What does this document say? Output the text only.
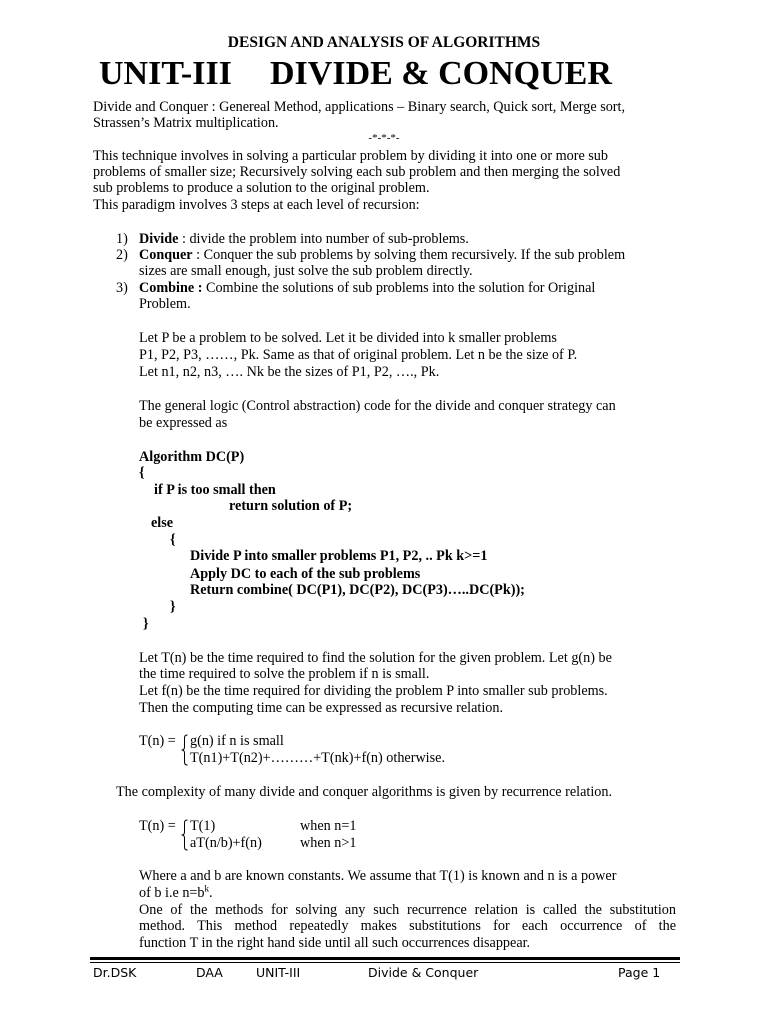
DESIGN AND ANALYSIS OF ALGORITHMS
UNIT-III DIVIDE & CONQUER
Divide and Conquer : Genereal Method, applications – Binary search, Quick sort, Merge sort,
Strassen’s Matrix multiplication.
-*-*-*-
This technique involves in solving a particular problem by dividing it into one or more sub
problems of smaller size; Recursively solving each sub problem and then merging the solved
sub problems to produce a solution to the original problem.
This paradigm involves 3 steps at each level of recursion:
1) Divide : divide the problem into number of sub-problems.
2) Conquer : Conquer the sub problems by solving them recursively. If the sub problem
sizes are small enough, just solve the sub problem directly.
3) Combine : Combine the solutions of sub problems into the solution for Original
Problem.
Let P be a problem to be solved. Let it be divided into k smaller problems
P1, P2, P3, ……, Pk. Same as that of original problem. Let n be the size of P.
Let n1, n2, n3, …. Nk be the sizes of P1, P2, …., Pk.
The general logic (Control abstraction) code for the divide and conquer strategy can
be expressed as
Algorithm DC(P)
{
if P is too small then
return solution of P;
else
{
Divide P into smaller problems P1, P2, .. Pk k>=1
Apply DC to each of the sub problems
Return combine( DC(P1), DC(P2), DC(P3)…..DC(Pk));
}
}
Let T(n) be the time required to find the solution for the given problem. Let g(n) be
the time required to solve the problem if n is small.
Let f(n) be the time required for dividing the problem P into smaller sub problems.
Then the computing time can be expressed as recursive relation.
T(n) = g(n) if n is small
T(n1)+T(n2)+………+T(nk)+f(n) otherwise.
The complexity of many divide and conquer algorithms is given by recurrence relation.
T(n) = T(1)	when n=1
aT(n/b)+f(n)	when n>1
Where a and b are known constants. We assume that T(1) is known and n is a power
of b i.e $n=b^k$.
One of the methods for solving any such recurrence relation is called the substitution
method. This method repeatedly makes substitutions for each occurrence of the
function T in the right hand side until all such occurrences disappear.
Dr.DSK	DAA	UNIT-III	Divide & Conquer	Page 1
